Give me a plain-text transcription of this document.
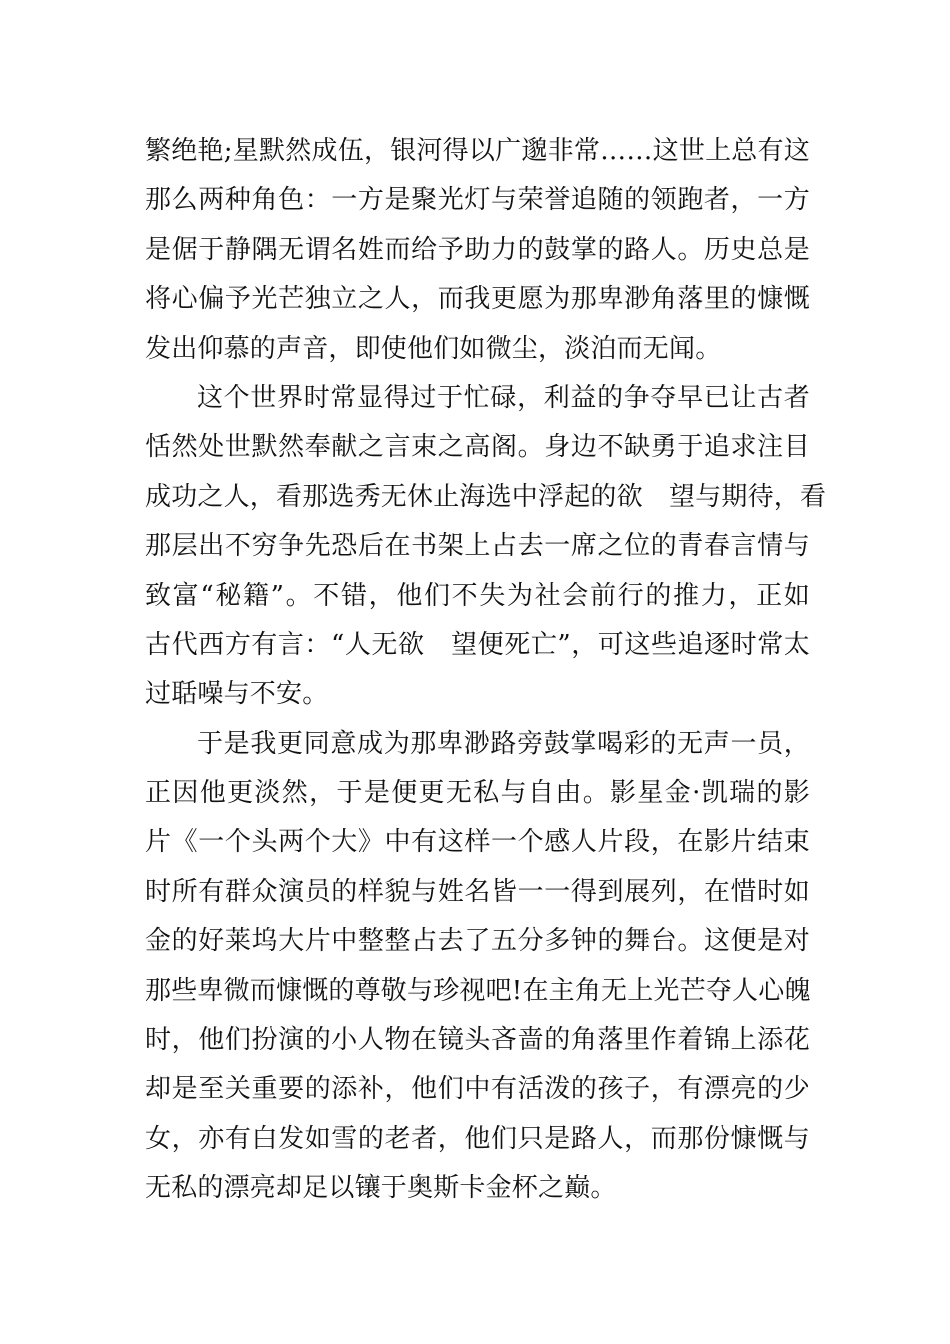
繁绝艳;星默然成伍，银河得以广邈非常……这世上总有这
那么两种角色：一方是聚光灯与荣誉追随的领跑者，一方
是倨于静隅无谓名姓而给予助力的鼓掌的路人。历史总是
将心偏予光芒独立之人，而我更愿为那卑渺角落里的慷慨
发出仰慕的声音，即使他们如微尘，淡泊而无闻。
这个世界时常显得过于忙碌，利益的争夺早已让古者
恬然处世默然奉献之言束之高阁。身边不缺勇于追求注目
成功之人，看那选秀无休止海选中浮起的欲　望与期待，看
那层出不穷争先恐后在书架上占去一席之位的青春言情与
致富“秘籍”。不错，他们不失为社会前行的推力，正如
古代西方有言：“人无欲　望便死亡”，可这些追逐时常太
过聒噪与不安。
于是我更同意成为那卑渺路旁鼓掌喝彩的无声一员，
正因他更淡然，于是便更无私与自由。影星金·凯瑞的影
片《一个头两个大》中有这样一个感人片段，在影片结束
时所有群众演员的样貌与姓名皆一一得到展列，在惜时如
金的好莱坞大片中整整占去了五分多钟的舞台。这便是对
那些卑微而慷慨的尊敬与珍视吧!在主角无上光芒夺人心魄
时，他们扮演的小人物在镜头吝啬的角落里作着锦上添花
却是至关重要的添补，他们中有活泼的孩子，有漂亮的少
女，亦有白发如雪的老者，他们只是路人，而那份慷慨与
无私的漂亮却足以镶于奥斯卡金杯之巅。
